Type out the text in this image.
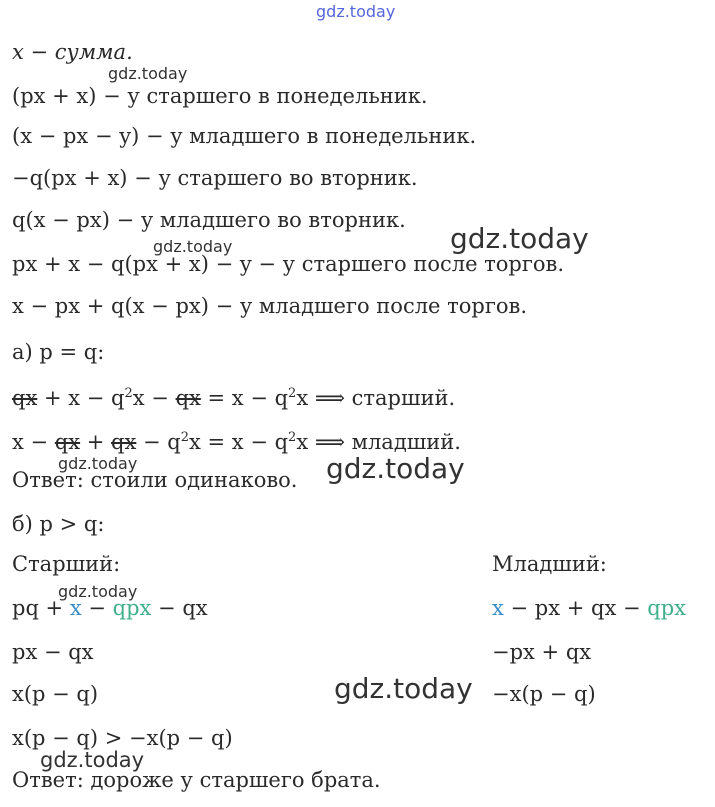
gdz.today
x − сумма.
gdz.today
(px + x) − у старшего в понедельник.
(x − px − y) − у младшего в понедельник.
−q(px + x) − у старшего во вторник.
q(x − px) − у младшего во вторник.
gdz.today
gdz.today
px + x − q(px + x) − y − у старшего после торгов.
x − px + q(x − px) − у младшего после торгов.
а) p = q:
qx + $x - q^2x$ − qx = $x - q^2x$ ⟹ старший.
x − qx + qx − $q^2x = x - q^2x$ ⟹ младший.
gdz.today	gdz.today
Ответ: стоили одинаково.
б) p > q:
Старший:	Младший:
gdz.today
pq + x − qpx − qx	x − px + qx − qpx
px − qx	−px + qx
x(p − q)	−x(p − q)
gdz.today
x(p − q) > −x(p − q)
gdz.today
Ответ: дороже у старшего брата.
